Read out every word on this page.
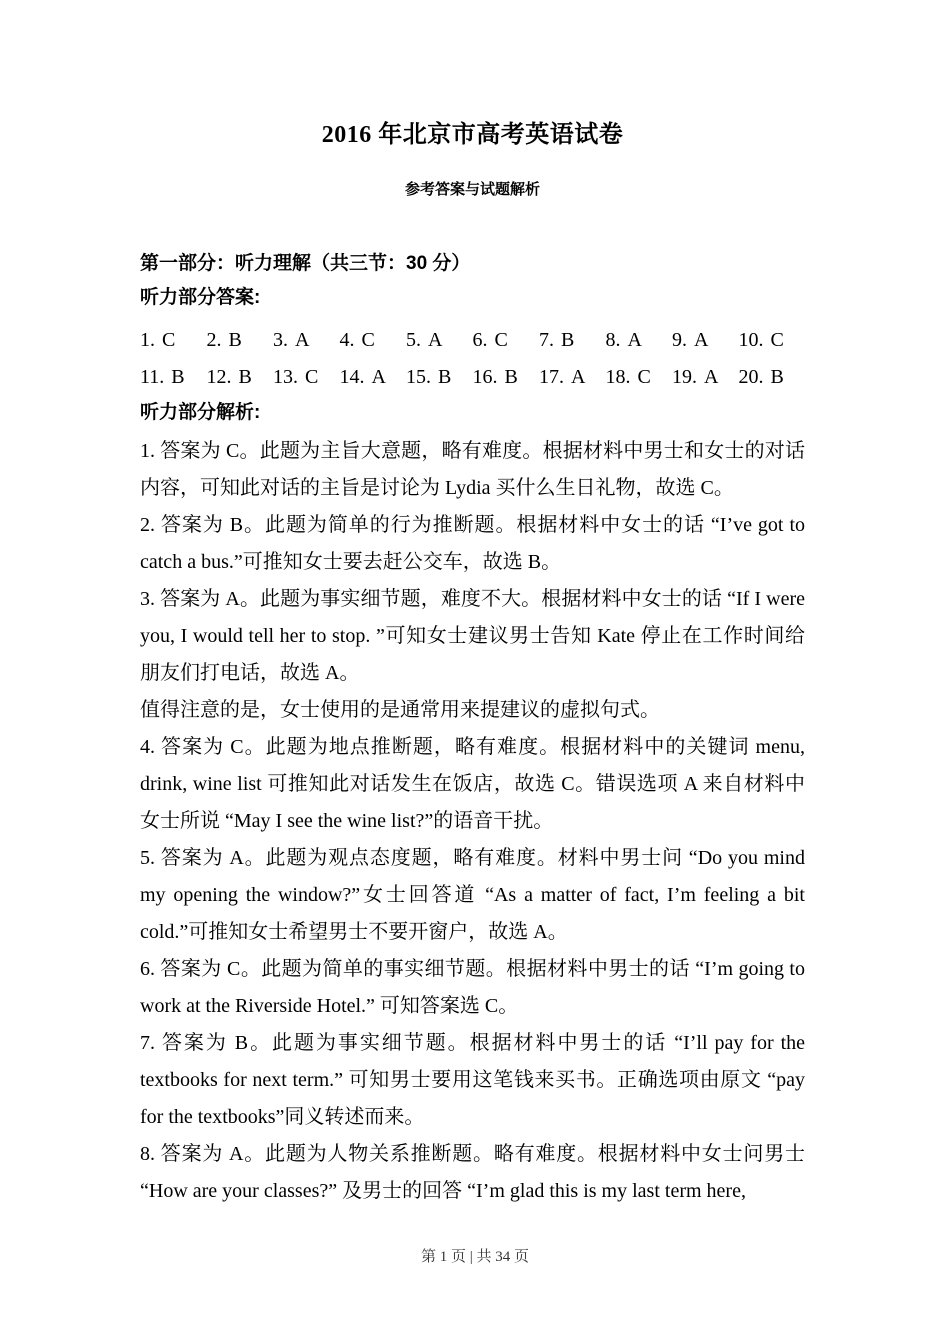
2016 年北京市高考英语试卷
参考答案与试题解析
第一部分：听力理解（共三节：30 分）
听力部分答案:
1. C	2. B	3. A	4. C	5. A	6. C	7. B	8. A	9. A	10. C
11. B	12. B	13. C	14. A	15. B	16. B	17. A	18. C	19. A	20. B
听力部分解析:

1. 答案为 C。此题为主旨大意题，略有难度。根据材料中男士和女士的对话内容，可知此对话的主旨是讨论为 Lydia 买什么生日礼物，故选 C。

2. 答案为 B。此题为简单的行为推断题。根据材料中女士的话 “I’ve got to catch a bus.”可推知女士要去赶公交车，故选 B。

3. 答案为 A。此题为事实细节题，难度不大。根据材料中女士的话 “If I were you, I would tell her to stop. ”可知女士建议男士告知 Kate 停止在工作时间给朋友们打电话，故选 A。

值得注意的是，女士使用的是通常用来提建议的虚拟句式。

4. 答案为 C。此题为地点推断题，略有难度。根据材料中的关键词 menu, drink, wine list 可推知此对话发生在饭店，故选 C。错误选项 A 来自材料中女士所说 “May I see the wine list?”的语音干扰。

5. 答案为 A。此题为观点态度题，略有难度。材料中男士问 “Do you mind my opening the window?”女士回答道 “As a matter of fact, I’m feeling a bit cold.”可推知女士希望男士不要开窗户，故选 A。

6. 答案为 C。此题为简单的事实细节题。根据材料中男士的话 “I’m going to work at the Riverside Hotel.” 可知答案选 C。

7. 答案为 B。此题为事实细节题。根据材料中男士的话 “I’ll pay for the textbooks for next term.” 可知男士要用这笔钱来买书。正确选项由原文 “pay for the textbooks”同义转述而来。

8. 答案为 A。此题为人物关系推断题。略有难度。根据材料中女士问男士 “How are your classes?” 及男士的回答 “I’m glad this is my last term here,

第 1 页 | 共 34 页
